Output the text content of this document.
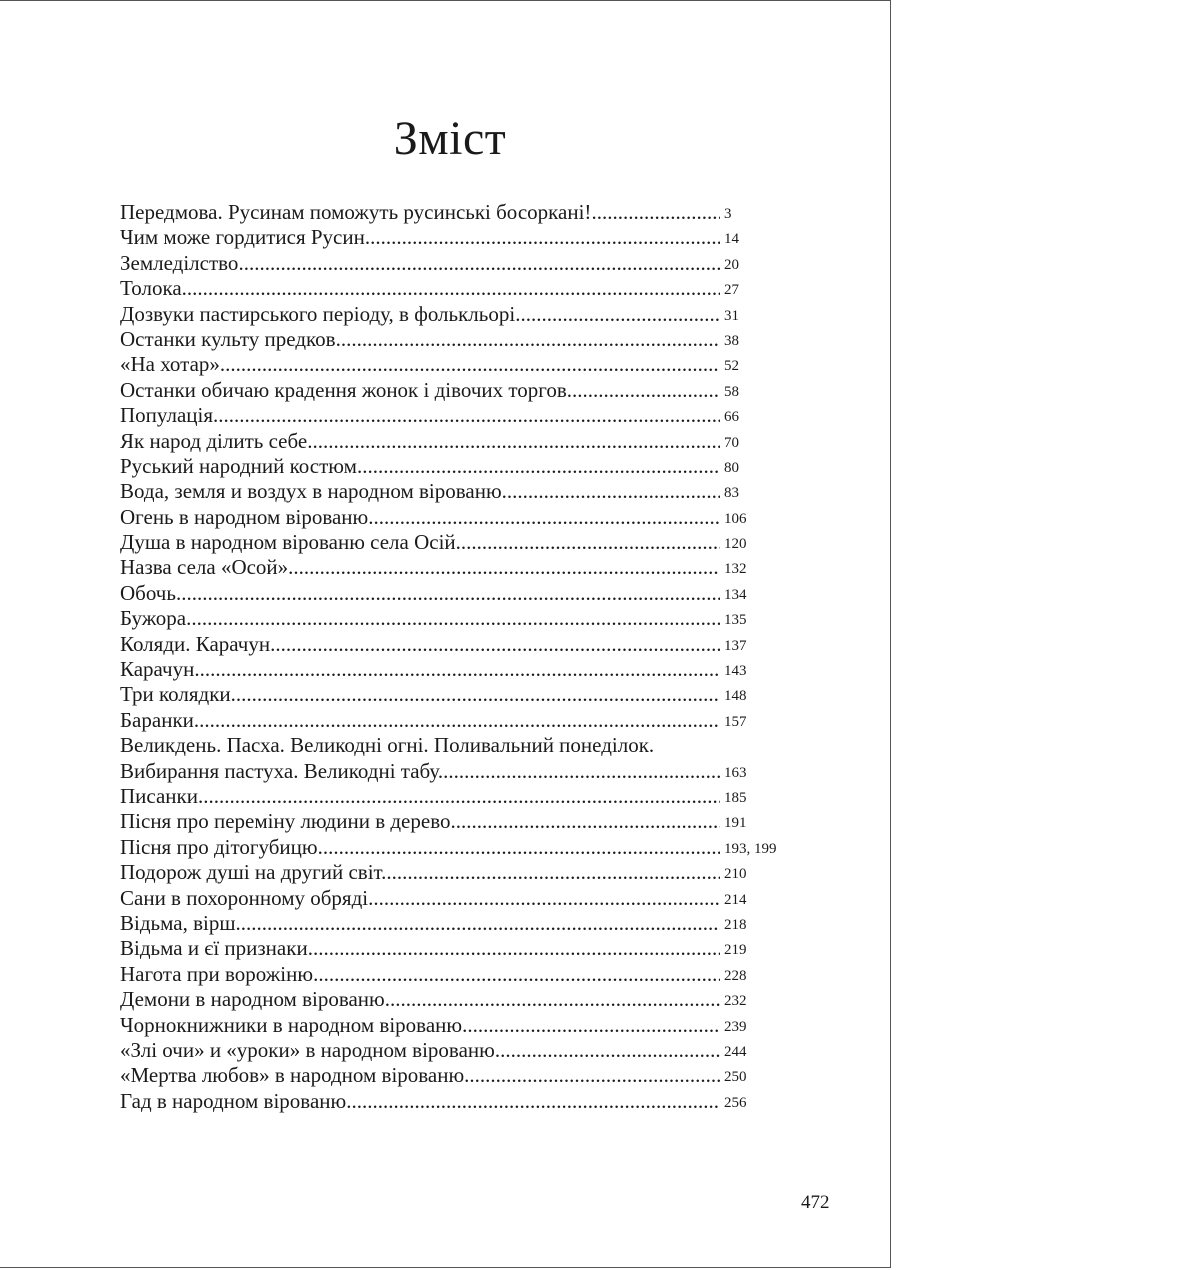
Зміст
Передмова. Русинам поможуть русинські босоркані! .....	3
Чим може гордитися Русин .....	14
Земледілство .....	20
Толока .....	27
Дозвуки пастирського періоду, в фолькльорі .....	31
Останки культу предков .....	38
«На хотар» .....	52
Останки обичаю крадення жонок і дівочих торгов .....	58
Популація .....	66
Як народ ділить себе .....	70
Руський народний костюм .....	80
Вода, земля и воздух в народном вірованю .....	83
Огень в народном вірованю .....	106
Душа в народном вірованю села Осій .....	120
Назва села «Осой» .....	132
Обочь .....	134
Бужора .....	135
Коляди. Карачун .....	137
Карачун .....	143
Три колядки .....	148
Баранки .....	157
Великдень. Пасха. Великодні огні. Поливальний понеділок.
Вибирання пастуха. Великодні табу .....	163
Писанки .....	185
Пісня про переміну людини в дерево .....	191
Пісня про дітогубицю .....	193, 199
Подорож душі на другий світ .....	210
Сани в похоронному обряді .....	214
Відьма, вірш .....	218
Відьма и єї признаки .....	219
Нагота при ворожіню .....	228
Демони в народном вірованю .....	232
Чорнокнижники в народном вірованю .....	239
«Злі очи» и «уроки» в народном вірованю .....	244
«Мертва любов» в народном вірованю .....	250
Гад в народном вірованю .....	256
472
